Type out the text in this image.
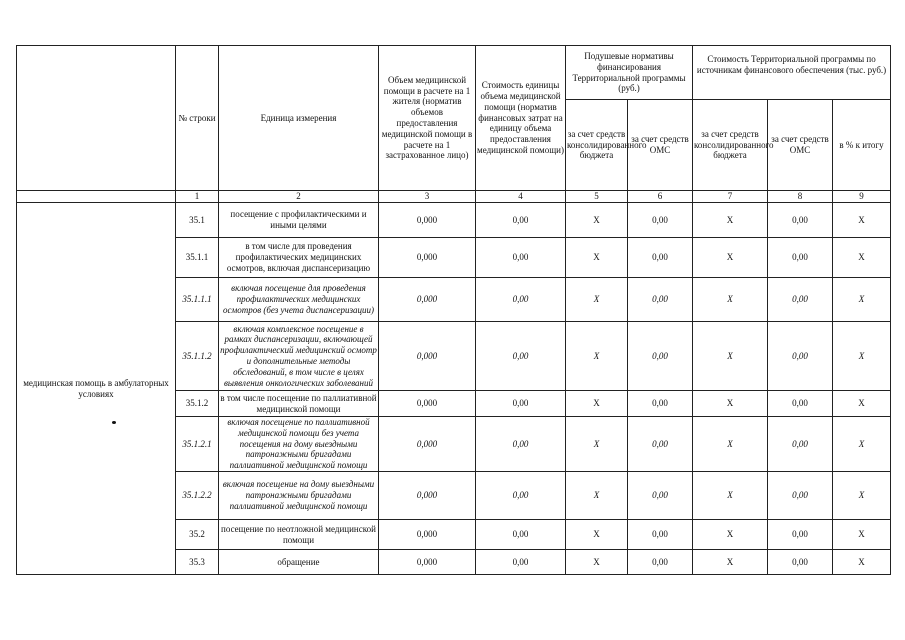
	№ строки	Единица измерения	Объем медицинской помощи в расчете на 1 жителя (норматив объемов предоставления медицинской помощи в расчете на 1 застрахованное лицо)	Стоимость единицы объема медицинской помощи (норматив финансовых затрат на единицу объема предоставления медицинской помощи)	Подушевые нормативы финансирования Территориальной программы (руб.)		Стоимость Территориальной программы по источникам финансового обеспечения (тыс. руб.)		
					за счет средств консолидированного бюджета	за счет средств ОМС	за счет средств консолидированного бюджета	за счет средств ОМС	в % к итогу
	1	2	3	4	5	6	7	8	9
медицинская помощь в амбулаторных условиях	35.1	посещение с профилактическими и иными целями	0,000	0,00	X	0,00	X	0,00	X
	35.1.1	в том числе для проведения профилактических медицинских осмотров, включая диспансеризацию	0,000	0,00	X	0,00	X	0,00	X
	35.1.1.1	включая посещение для проведения профилактических медицинских осмотров (без учета диспансеризации)	0,000	0,00	X	0,00	X	0,00	X
	35.1.1.2	включая комплексное посещение в рамках диспансеризации, включающей профилактический медицинский осмотр и дополнительные методы обследований, в том числе в целях выявления онкологических заболеваний	0,000	0,00	X	0,00	X	0,00	X
	35.1.2	в том числе посещение по паллиативной медицинской помощи	0,000	0,00	X	0,00	X	0,00	X
	35.1.2.1	включая посещение по паллиативной медицинской помощи без учета посещения на дому выездными патронажными бригадами паллиативной медицинской помощи	0,000	0,00	X	0,00	X	0,00	X
	35.1.2.2	включая посещение на дому выездными патронажными бригадами паллиативной медицинской помощи	0,000	0,00	X	0,00	X	0,00	X
	35.2	посещение по неотложной медицинской помощи	0,000	0,00	X	0,00	X	0,00	X
	35.3	обращение	0,000	0,00	X	0,00	X	0,00	X
